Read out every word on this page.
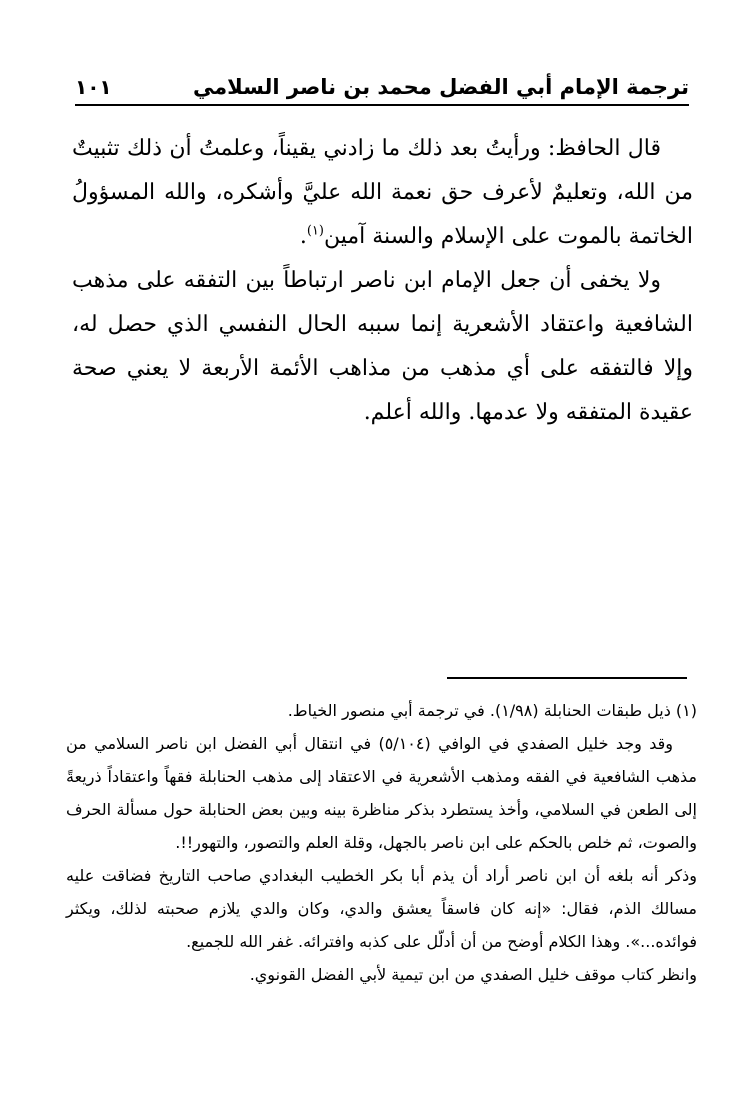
١٠١	ترجمة الإمام أبي الفضل محمد بن ناصر السلامي

قال الحافظ: ورأيتُ بعد ذلك ما زادني يقيناً، وعلمتُ أن ذلك تثبيتٌ من الله، وتعليمٌ لأعرف حق نعمة الله عليَّ وأشكره، والله المسؤولُ الخاتمة بالموت على الإسلام والسنة آمين$^{(١)}$.

ولا يخفى أن جعل الإمام ابن ناصر ارتباطاً بين التفقه على مذهب الشافعية واعتقاد الأشعرية إنما سببه الحال النفسي الذي حصل له، وإلا فالتفقه على أي مذهب من مذاهب الأئمة الأربعة لا يعني صحة عقيدة المتفقه ولا عدمها. والله أعلم.

(١) ذيل طبقات الحنابلة (١/٩٨). في ترجمة أبي منصور الخياط.

وقد وجد خليل الصفدي في الوافي (٥/١٠٤) في انتقال أبي الفضل ابن ناصر السلامي من مذهب الشافعية في الفقه ومذهب الأشعرية في الاعتقاد إلى مذهب الحنابلة فقهاً واعتقاداً ذريعةً إلى الطعن في السلامي، وأخذ يستطرد بذكر مناظرة بينه وبين بعض الحنابلة حول مسألة الحرف والصوت، ثم خلص بالحكم على ابن ناصر بالجهل، وقلة العلم والتصور، والتهور!!.

وذكر أنه بلغه أن ابن ناصر أراد أن يذم أبا بكر الخطيب البغدادي صاحب التاريخ فضاقت عليه مسالك الذم، فقال: «إنه كان فاسقاً يعشق والدي، وكان والدي يلازم صحبته لذلك، ويكثر فوائده...». وهذا الكلام أوضح من أن أدلّل على كذبه وافترائه. غفر الله للجميع.

وانظر كتاب موقف خليل الصفدي من ابن تيمية لأبي الفضل القونوي.
